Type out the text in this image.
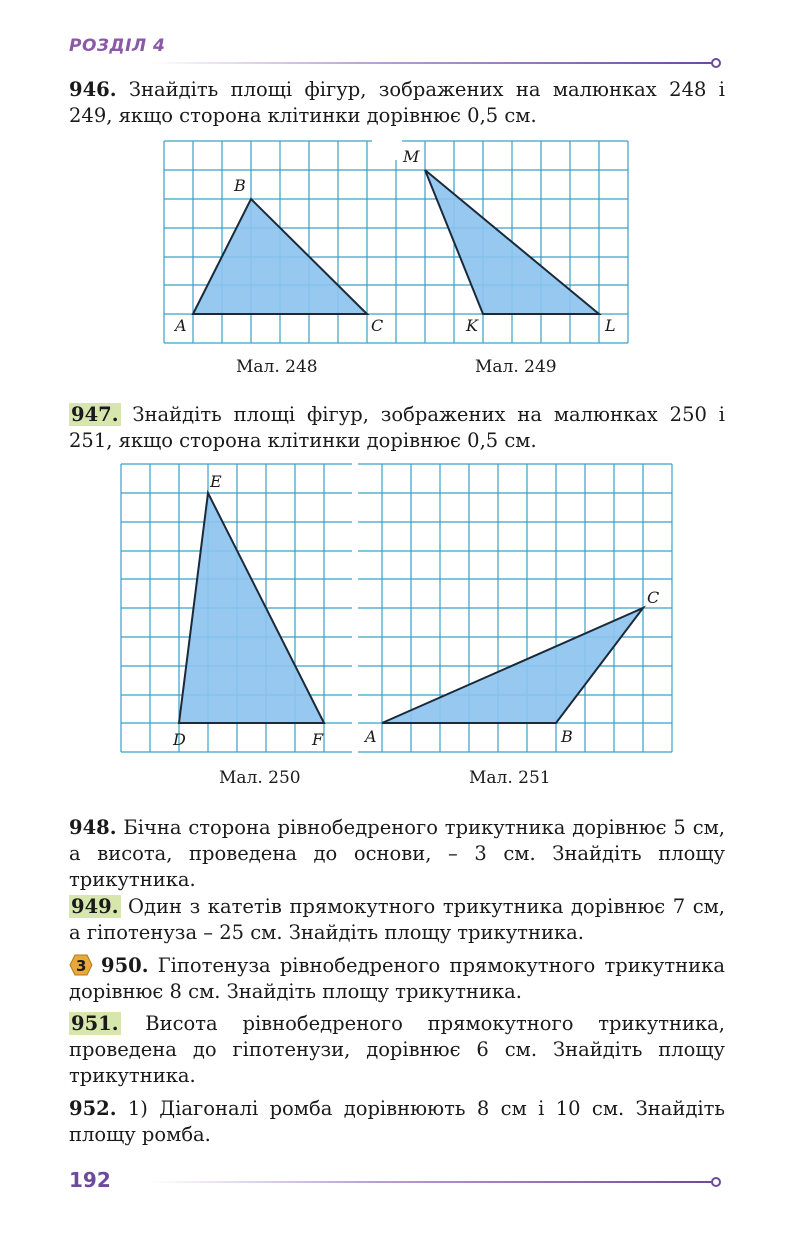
РОЗДІЛ 4
946. Знайдіть площі фігур, зображених на малюнках 248 і 249, якщо сторона клітинки дорівнює 0,5 см.
A
B
C
M
K	L
Мал. 248	Мал. 249
947. Знайдіть площі фігур, зображених на малюнках 250 і 251, якщо сторона клітинки дорівнює 0,5 см.
E
D	F	A	B
C
Мал. 250	Мал. 251
948. Бічна сторона рівнобедреного трикутника дорівнює 5 см, а висота, проведена до основи, – 3 см. Знайдіть площу трикутника.
949. Один з катетів прямокутного трикутника дорівнює 7 см, а гіпотенуза – 25 см. Знайдіть площу трикутника.
3 950. Гіпотенуза рівнобедреного прямокутного трикутника дорівнює 8 см. Знайдіть площу трикутника.
951. Висота рівнобедреного прямокутного трикутника, проведена до гіпотенузи, дорівнює 6 см. Знайдіть площу трикутника.
952. 1) Діагоналі ромба дорівнюють 8 см і 10 см. Знайдіть площу ромба.
192
